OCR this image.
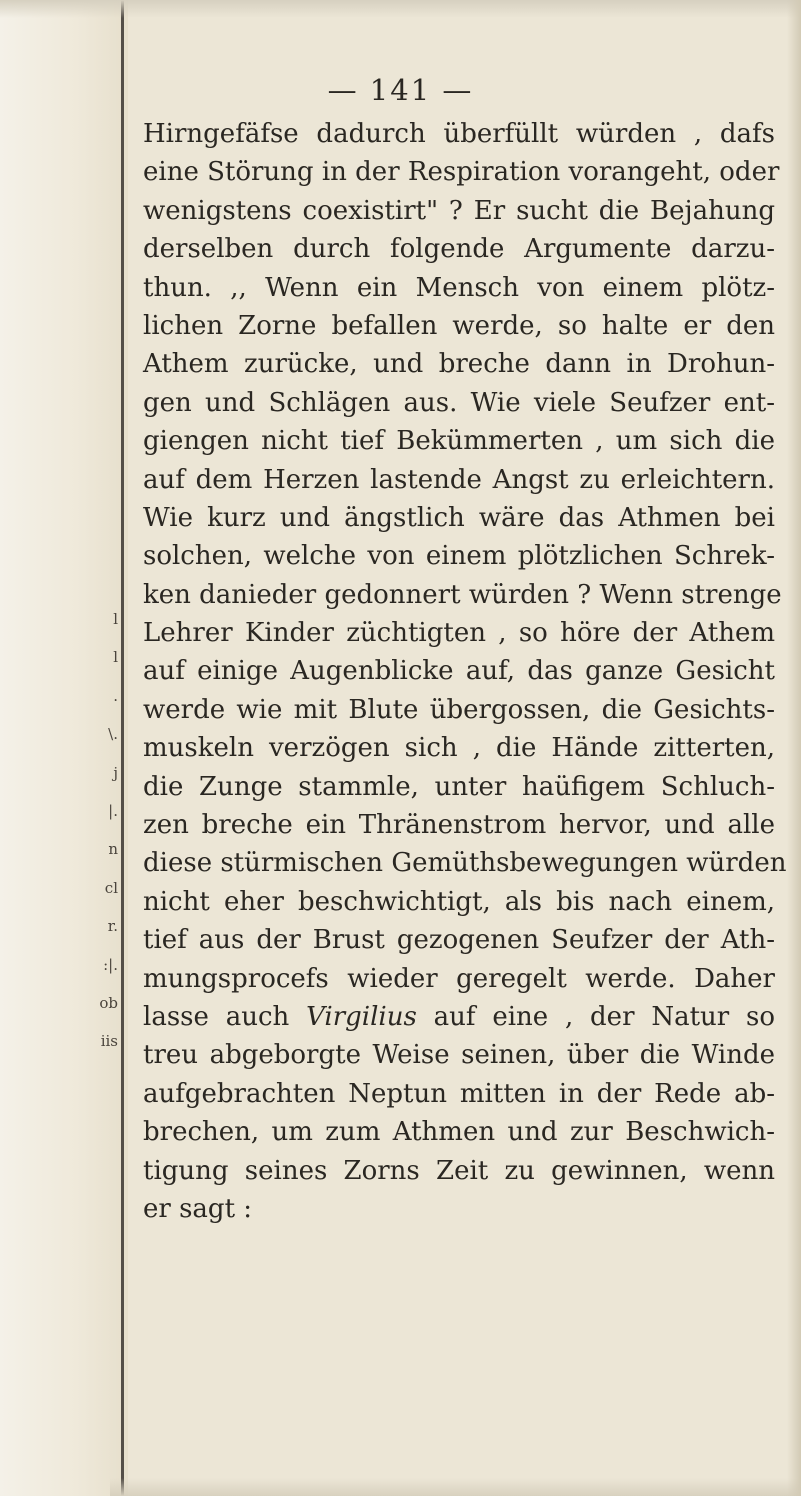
— 141 —
l
l
.
\.
j
|.
n
cl
r.
:|.
ob
iis
Hirngefäfse dadurch überfüllt würden , dafs
eine Störung in der Respiration vorangeht, oder
wenigstens coexistirt" ? Er sucht die Bejahung
derselben durch folgende Argumente darzu-
thun. ,, Wenn ein Mensch von einem plötz-
lichen Zorne befallen werde, so halte er den
Athem zurücke, und breche dann in Drohun-
gen und Schlägen aus. Wie viele Seufzer ent-
giengen nicht tief Bekümmerten , um sich die
auf dem Herzen lastende Angst zu erleichtern.
Wie kurz und ängstlich wäre das Athmen bei
solchen, welche von einem plötzlichen Schrek-
ken danieder gedonnert würden ? Wenn strenge
Lehrer Kinder züchtigten , so höre der Athem
auf einige Augenblicke auf, das ganze Gesicht
werde wie mit Blute übergossen, die Gesichts-
muskeln verzögen sich , die Hände zitterten,
die Zunge stammle, unter haüfigem Schluch-
zen breche ein Thränenstrom hervor, und alle
diese stürmischen Gemüthsbewegungen würden
nicht eher beschwichtigt, als bis nach einem,
tief aus der Brust gezogenen Seufzer der Ath-
mungsprocefs wieder geregelt werde. Daher
lasse auch Virgilius auf eine , der Natur so
treu abgeborgte Weise seinen, über die Winde
aufgebrachten Neptun mitten in der Rede ab-
brechen, um zum Athmen und zur Beschwich-
tigung seines Zorns Zeit zu gewinnen, wenn
er sagt :
